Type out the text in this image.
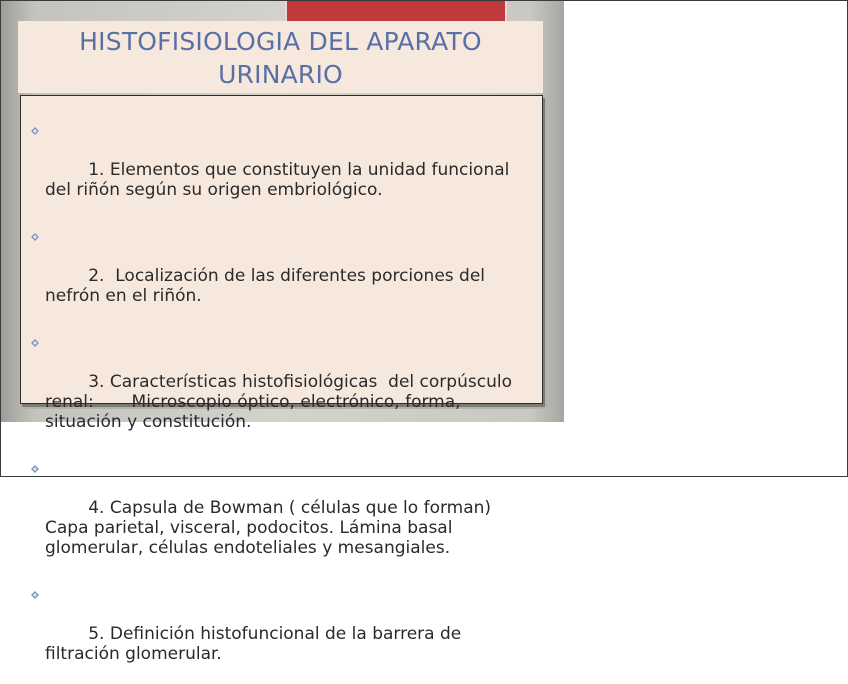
HISTOFISIOLOGIA DEL APARATO
URINARIO

1. Elementos que constituyen la unidad funcional del riñón según su origen embriológico.

2.  Localización de las diferentes porciones del nefrón en el riñón.

3. Características histofisiológicas  del corpúsculo renal:       Microscopio óptico, electrónico, forma, situación y constitución.

4. Capsula de Bowman ( células que lo forman) Capa parietal, visceral, podocitos. Lámina basal glomerular, células endoteliales y mesangiales.

5. Definición histofuncional de la barrera de filtración glomerular.
